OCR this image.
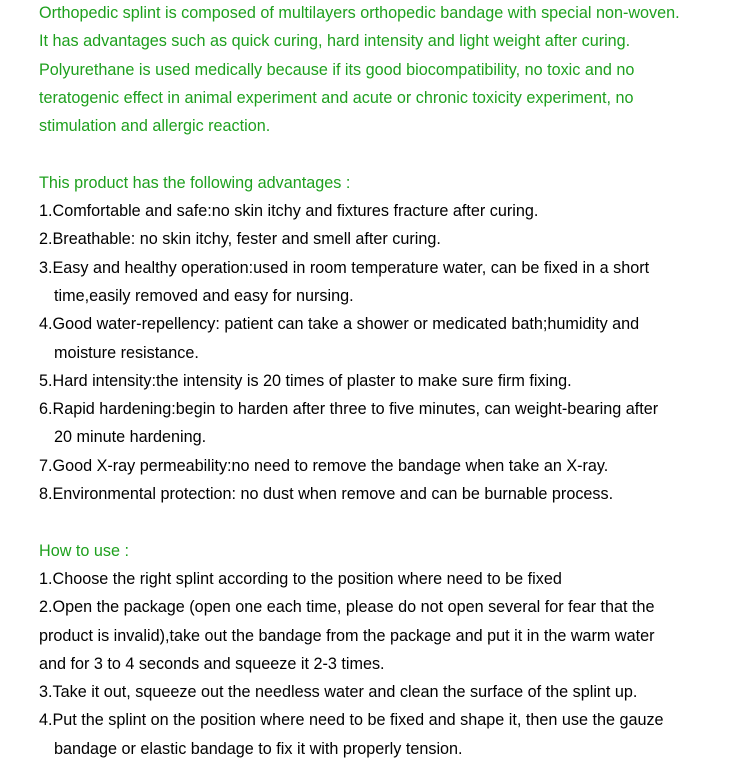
Orthopedic splint is composed of multilayers orthopedic bandage with special non-woven.
It has advantages such as quick curing, hard intensity and light weight after curing.
Polyurethane is used medically because if its good biocompatibility, no toxic and no
teratogenic effect in animal experiment and acute or chronic toxicity experiment, no
stimulation and allergic reaction.
This product has the following advantages :
1.Comfortable and safe:no skin itchy and fixtures fracture after curing.
2.Breathable: no skin itchy, fester and smell after curing.
3.Easy and healthy operation:used in room temperature water, can be fixed in a short
time,easily removed and easy for nursing.
4.Good water-repellency: patient can take a shower or medicated bath;humidity and
moisture resistance.
5.Hard intensity:the intensity is 20 times of plaster to make sure firm fixing.
6.Rapid hardening:begin to harden after three to five minutes, can weight-bearing after
20 minute hardening.
7.Good X-ray permeability:no need to remove the bandage when take an X-ray.
8.Environmental protection: no dust when remove and can be burnable process.
How to use :
1.Choose the right splint according to the position where need to be fixed
2.Open the package (open one each time, please do not open several for fear that the
product is invalid),take out the bandage from the package and put it in the warm water
and for 3 to 4 seconds and squeeze it 2-3 times.
3.Take it out, squeeze out the needless water and clean the surface of the splint up.
4.Put the splint on the position where need to be fixed and shape it, then use the gauze
bandage or elastic bandage to fix it with properly tension.
